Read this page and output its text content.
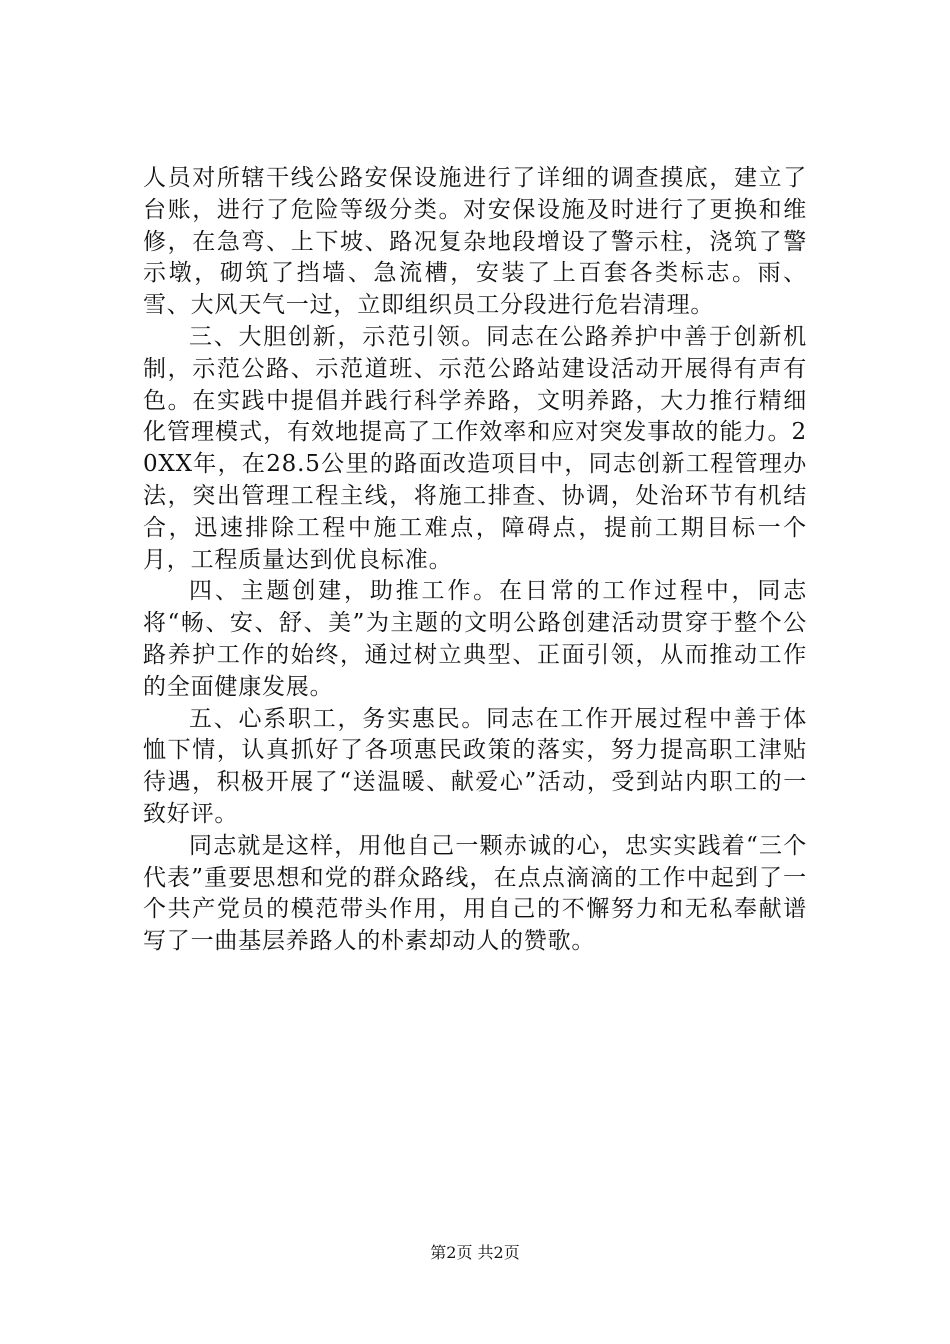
人员对所辖干线公路安保设施进行了详细的调查摸底，建立了台账，进行了危险等级分类。对安保设施及时进行了更换和维修，在急弯、上下坡、路况复杂地段增设了警示柱，浇筑了警示墩，砌筑了挡墙、急流槽，安装了上百套各类标志。雨、雪、大风天气一过，立即组织员工分段进行危岩清理。

三、大胆创新，示范引领。同志在公路养护中善于创新机制，示范公路、示范道班、示范公路站建设活动开展得有声有色。在实践中提倡并践行科学养路，文明养路，大力推行精细化管理模式，有效地提高了工作效率和应对突发事故的能力。20XX年，在28.5公里的路面改造项目中，同志创新工程管理办法，突出管理工程主线，将施工排查、协调，处治环节有机结合，迅速排除工程中施工难点，障碍点，提前工期目标一个月，工程质量达到优良标准。

四、主题创建，助推工作。在日常的工作过程中，同志将“畅、安、舒、美”为主题的文明公路创建活动贯穿于整个公路养护工作的始终，通过树立典型、正面引领，从而推动工作的全面健康发展。

五、心系职工，务实惠民。同志在工作开展过程中善于体恤下情，认真抓好了各项惠民政策的落实，努力提高职工津贴待遇，积极开展了“送温暖、献爱心”活动，受到站内职工的一致好评。

同志就是这样，用他自己一颗赤诚的心，忠实实践着“三个代表”重要思想和党的群众路线，在点点滴滴的工作中起到了一个共产党员的模范带头作用，用自己的不懈努力和无私奉献谱写了一曲基层养路人的朴素却动人的赞歌。

第2页 共2页
